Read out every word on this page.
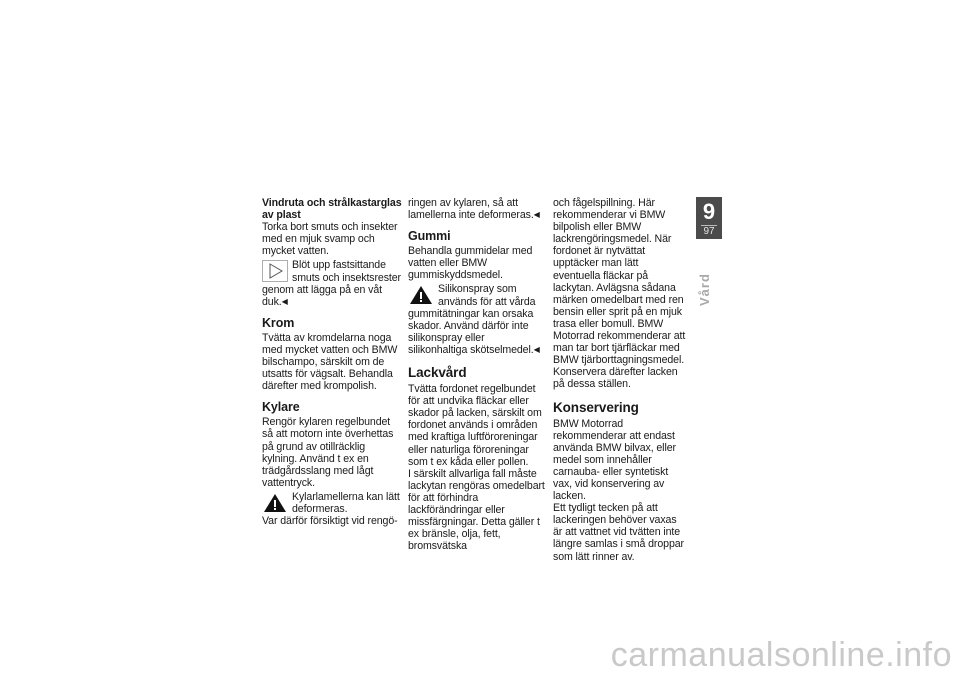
Vindruta och strålkastarglas
av plast

Torka bort smuts och insekter med en mjuk svamp och mycket vatten.

Blöt upp fastsittande smuts och insektsrester genom att lägga på en våt duk.◀
Krom

Tvätta av kromdelarna noga med mycket vatten och BMW bilschampo, särskilt om de utsatts för vägsalt. Behandla därefter med krompolish.

Kylare

Rengör kylaren regelbundet så att motorn inte överhettas på grund av otillräcklig kylning. Använd t ex en trädgårdsslang med lågt vattentryck.

Kylarlamellerna kan lätt deformeras.
Var därför försiktigt vid rengö-

ringen av kylaren, så att lamellerna inte deformeras.◀

Gummi

Behandla gummidelar med vatten eller BMW gummiskyddsmedel.

Silikonspray som används för att vårda gummitätningar kan orsaka skador. Använd därför inte silikonspray eller silikonhaltiga skötselmedel.◀
Lackvård

Tvätta fordonet regelbundet för att undvika fläckar eller skador på lacken, särskilt om fordonet används i områden med kraftiga luftföroreningar eller naturliga föroreningar som t ex kåda eller pollen.

I särskilt allvarliga fall måste lackytan rengöras omedelbart för att förhindra lackförändringar eller missfärgningar. Detta gäller t ex bränsle, olja, fett, bromsvätska

och fågelspillning. Här rekommenderar vi BMW bilpolish eller BMW lackrengöringsmedel. När fordonet är nytvättat upptäcker man lätt eventuella fläckar på lackytan. Avlägsna sådana märken omedelbart med ren bensin eller sprit på en mjuk trasa eller bomull. BMW Motorrad rekommenderar att man tar bort tjärfläckar med BMW tjärborttagningsmedel. Konservera därefter lacken på dessa ställen.

Konservering

BMW Motorrad rekommenderar att endast använda BMW bilvax, eller medel som innehåller carnauba- eller syntetiskt vax, vid konservering av lacken.

Ett tydligt tecken på att lackeringen behöver vaxas är att vattnet vid tvätten inte längre samlas i små droppar som lätt rinner av.

9
97
Vård
carmanualsonline.info
